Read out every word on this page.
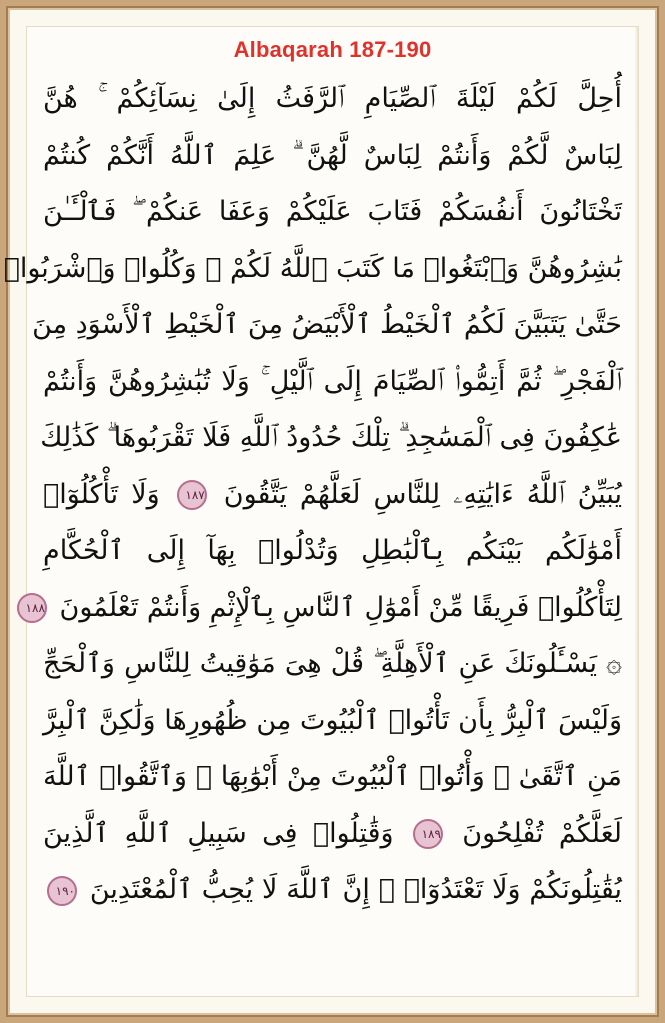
Albaqarah 187-190
أُحِلَّ لَكُمْ لَيْلَةَ ٱلصِّيَامِ ٱلرَّفَثُ إِلَىٰ نِسَآئِكُمْ ۚ هُنَّ
لِبَاسٌ لَّكُمْ وَأَنتُمْ لِبَاسٌ لَّهُنَّ ۗ عَلِمَ ٱللَّهُ أَنَّكُمْ كُنتُمْ
تَخْتَانُونَ أَنفُسَكُمْ فَتَابَ عَلَيْكُمْ وَعَفَا عَنكُمْ ۖ فَٱلْـَٔـٰنَ
بَٰشِرُوهُنَّ وَٱبْتَغُوا۟ مَا كَتَبَ ٱللَّهُ لَكُمْ ۚ وَكُلُوا۟ وَٱشْرَبُوا۟
حَتَّىٰ يَتَبَيَّنَ لَكُمُ ٱلْخَيْطُ ٱلْأَبْيَضُ مِنَ ٱلْخَيْطِ ٱلْأَسْوَدِ مِنَ
ٱلْفَجْرِ ۖ ثُمَّ أَتِمُّوا۟ ٱلصِّيَامَ إِلَى ٱلَّيْلِ ۚ وَلَا تُبَٰشِرُوهُنَّ وَأَنتُمْ
عَٰكِفُونَ فِى ٱلْمَسَٰجِدِ ۗ تِلْكَ حُدُودُ ٱللَّهِ فَلَا تَقْرَبُوهَا ۗ كَذَٰلِكَ
يُبَيِّنُ ٱللَّهُ ءَايَٰتِهِۦ لِلنَّاسِ لَعَلَّهُمْ يَتَّقُونَ ١٨٧ وَلَا تَأْكُلُوٓا۟
أَمْوَٰلَكُم بَيْنَكُم بِٱلْبَٰطِلِ وَتُدْلُوا۟ بِهَآ إِلَى ٱلْحُكَّامِ
لِتَأْكُلُوا۟ فَرِيقًا مِّنْ أَمْوَٰلِ ٱلنَّاسِ بِٱلْإِثْمِ وَأَنتُمْ تَعْلَمُونَ ١٨٨
۞ يَسْـَٔلُونَكَ عَنِ ٱلْأَهِلَّةِ ۖ قُلْ هِىَ مَوَٰقِيتُ لِلنَّاسِ وَٱلْحَجِّ
وَلَيْسَ ٱلْبِرُّ بِأَن تَأْتُوا۟ ٱلْبُيُوتَ مِن ظُهُورِهَا وَلَٰكِنَّ ٱلْبِرَّ
مَنِ ٱتَّقَىٰ ۗ وَأْتُوا۟ ٱلْبُيُوتَ مِنْ أَبْوَٰبِهَا ۚ وَٱتَّقُوا۟ ٱللَّهَ
لَعَلَّكُمْ تُفْلِحُونَ ١٨٩ وَقَٰتِلُوا۟ فِى سَبِيلِ ٱللَّهِ ٱلَّذِينَ
يُقَٰتِلُونَكُمْ وَلَا تَعْتَدُوٓا۟ ۚ إِنَّ ٱللَّهَ لَا يُحِبُّ ٱلْمُعْتَدِينَ ١٩٠
